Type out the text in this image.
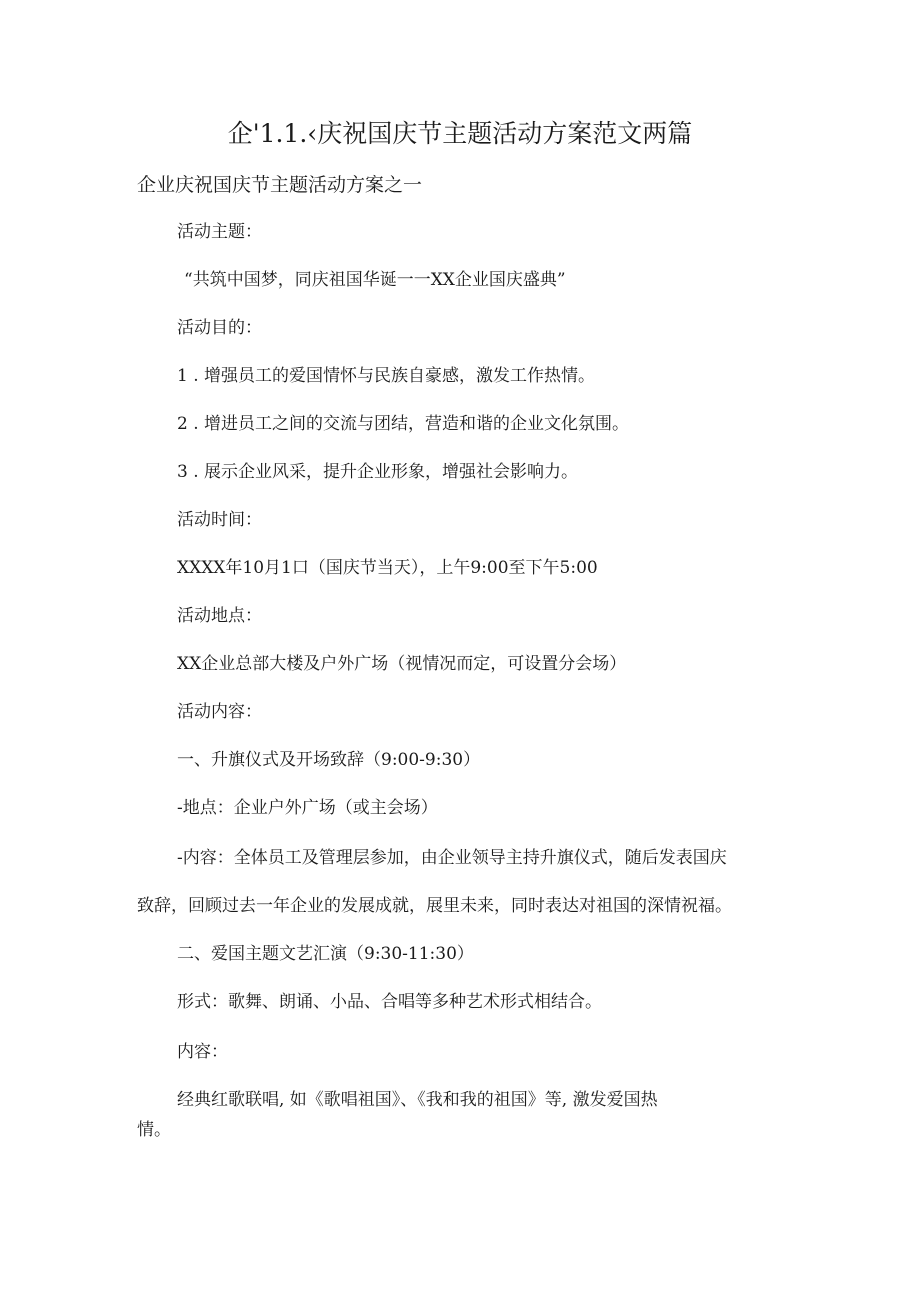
企'1.1.‹庆祝国庆节主题活动方案范文两篇
企业庆祝国庆节主题活动方案之一
活动主题：
“共筑中国梦，同庆祖国华诞一一XX企业国庆盛典”
活动目的：
1 . 增强员工的爱国情怀与民族自豪感，激发工作热情。
2 . 增进员工之间的交流与团结，营造和谐的企业文化氛围。
3 . 展示企业风采，提升企业形象，增强社会影响力。
活动时间：
XXXX年10月1口（国庆节当天），上午9:00至下午5:00
活动地点：
XX企业总部大楼及户外广场（视情况而定，可设置分会场）
活动内容：
一、升旗仪式及开场致辞（9:00-9:30）
-地点：企业户外广场（或主会场）
-内容：全体员工及管理层参加，由企业领导主持升旗仪式，随后发表国庆
致辞，回顾过去一年企业的发展成就，展里未来，同时表达对祖国的深情祝福。
二、爱国主题文艺汇演（9:30-11:30）
形式：歌舞、朗诵、小品、合唱等多种艺术形式相结合。
内容：
经典红歌联唱, 如《歌唱祖国》、《我和我的祖国》等, 激发爱国热
情。
